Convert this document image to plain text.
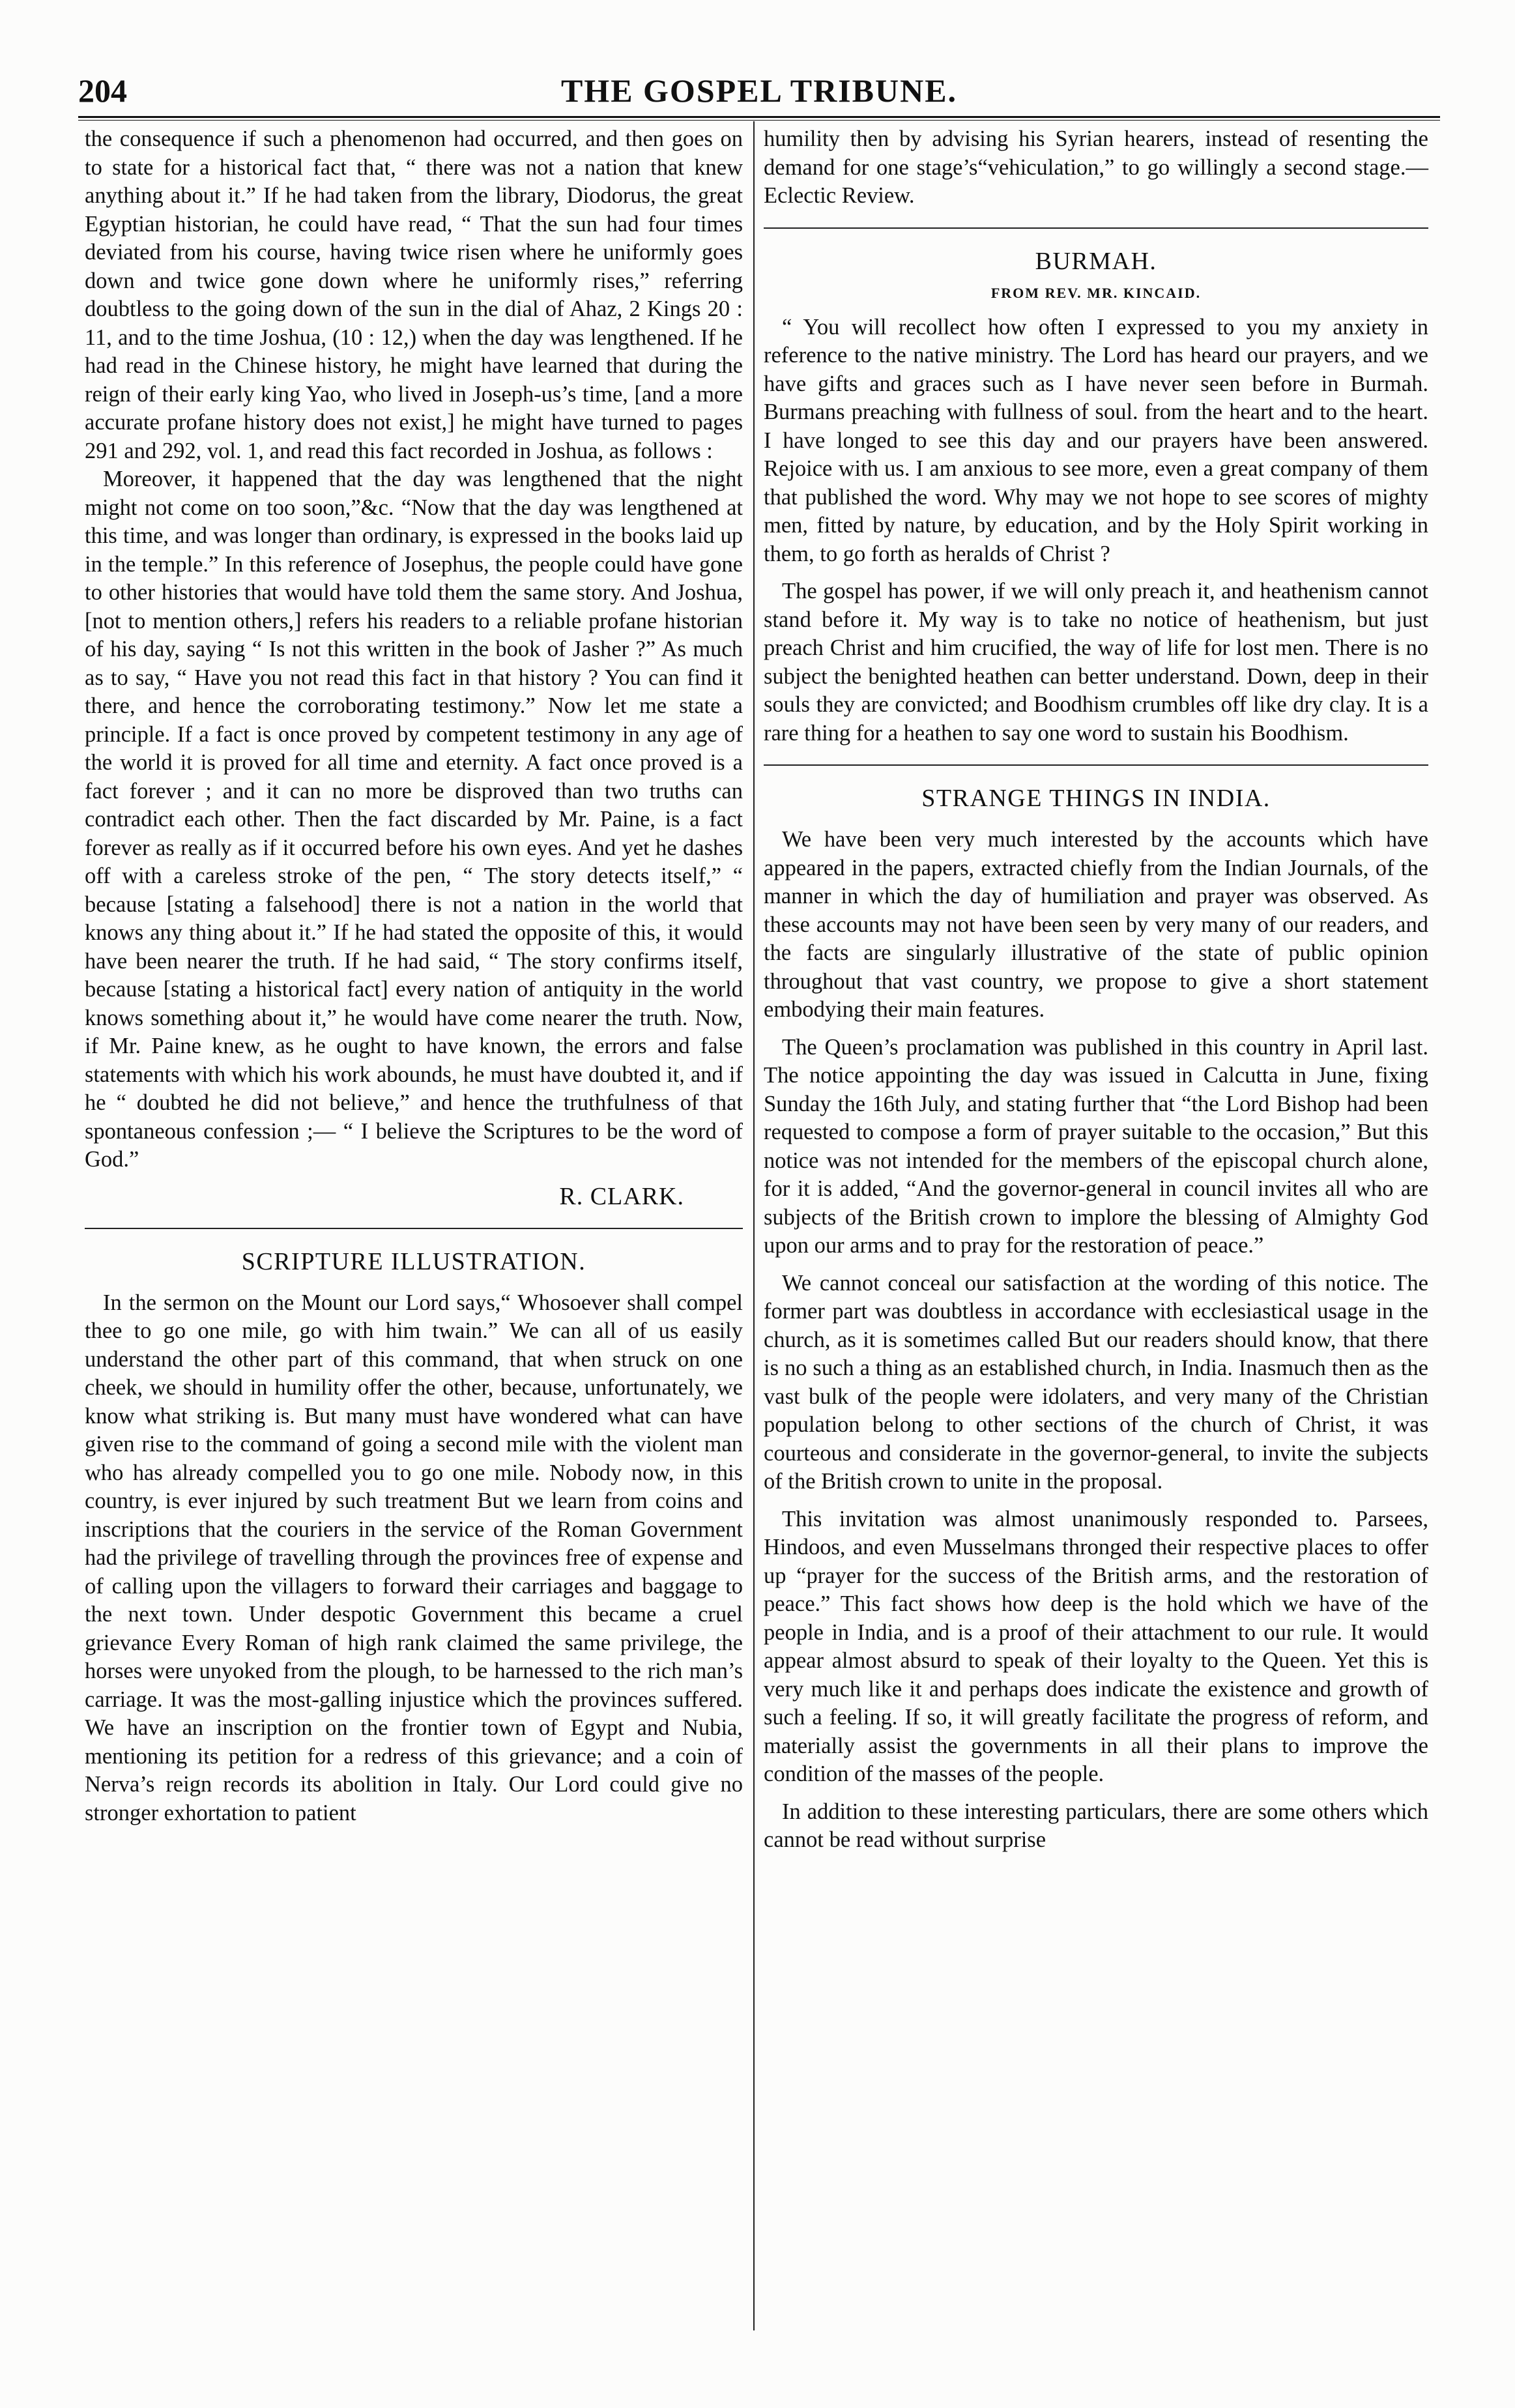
204	THE GOSPEL TRIBUNE.

the consequence if such a phenomenon had occurred, and then goes on to state for a historical fact that, “ there was not a nation that knew anything about it.” If he had taken from the library, Diodorus, the great Egyptian historian, he could have read, “ That the sun had four times deviated from his course, having twice risen where he uniformly goes down and twice gone down where he uniformly rises,” referring doubtless to the going down of the sun in the dial of Ahaz, 2 Kings 20 : 11, and to the time Joshua, (10 : 12,) when the day was lengthened. If he had read in the Chinese history, he might have learned that during the reign of their early king Yao, who lived in Joseph-us’s time, [and a more accurate profane history does not exist,] he might have turned to pages 291 and 292, vol. 1, and read this fact recorded in Joshua, as follows :

Moreover, it happened that the day was lengthened that the night might not come on too soon,”&c. “Now that the day was lengthened at this time, and was longer than ordinary, is expressed in the books laid up in the temple.” In this reference of Josephus, the people could have gone to other histories that would have told them the same story. And Joshua, [not to mention others,] refers his readers to a reliable profane historian of his day, saying “ Is not this written in the book of Jasher ?” As much as to say, “ Have you not read this fact in that history ? You can find it there, and hence the corroborating testimony.” Now let me state a principle. If a fact is once proved by competent testimony in any age of the world it is proved for all time and eternity. A fact once proved is a fact forever ; and it can no more be disproved than two truths can contradict each other. Then the fact discarded by Mr. Paine, is a fact forever as really as if it occurred before his own eyes. And yet he dashes off with a careless stroke of the pen, “ The story detects itself,” “ because [stating a falsehood] there is not a nation in the world that knows any thing about it.” If he had stated the opposite of this, it would have been nearer the truth. If he had said, “ The story confirms itself, because [stating a historical fact] every nation of antiquity in the world knows something about it,” he would have come nearer the truth. Now, if Mr. Paine knew, as he ought to have known, the errors and false statements with which his work abounds, he must have doubted it, and if he “ doubted he did not believe,” and hence the truthfulness of that spontaneous confession ;— “ I believe the Scriptures to be the word of God.”

R. CLARK.
SCRIPTURE ILLUSTRATION.

In the sermon on the Mount our Lord says,“ Whosoever shall compel thee to go one mile, go with him twain.” We can all of us easily understand the other part of this command, that when struck on one cheek, we should in humility offer the other, because, unfortunately, we know what striking is. But many must have wondered what can have given rise to the command of going a second mile with the violent man who has already compelled you to go one mile. Nobody now, in this country, is ever injured by such treatment But we learn from coins and inscriptions that the couriers in the service of the Roman Government had the privilege of travelling through the provinces free of expense and of calling upon the villagers to forward their carriages and baggage to the next town. Under despotic Government this became a cruel grievance Every Roman of high rank claimed the same privilege, the horses were unyoked from the plough, to be harnessed to the rich man’s carriage. It was the most-galling injustice which the provinces suffered. We have an inscription on the frontier town of Egypt and Nubia, mentioning its petition for a redress of this grievance; and a coin of Nerva’s reign records its abolition in Italy. Our Lord could give no stronger exhortation to patient

humility then by advising his Syrian hearers, instead of resenting the demand for one stage’s“vehiculation,” to go willingly a second stage.—Eclectic Review.

BURMAH.
FROM REV. MR. KINCAID.

“ You will recollect how often I expressed to you my anxiety in reference to the native ministry. The Lord has heard our prayers, and we have gifts and graces such as I have never seen before in Burmah. Burmans preaching with fullness of soul. from the heart and to the heart. I have longed to see this day and our prayers have been answered. Rejoice with us. I am anxious to see more, even a great company of them that published the word. Why may we not hope to see scores of mighty men, fitted by nature, by education, and by the Holy Spirit working in them, to go forth as heralds of Christ ?

The gospel has power, if we will only preach it, and heathenism cannot stand before it. My way is to take no notice of heathenism, but just preach Christ and him crucified, the way of life for lost men. There is no subject the benighted heathen can better understand. Down, deep in their souls they are convicted; and Boodhism crumbles off like dry clay. It is a rare thing for a heathen to say one word to sustain his Boodhism.

STRANGE THINGS IN INDIA.

We have been very much interested by the accounts which have appeared in the papers, extracted chiefly from the Indian Journals, of the manner in which the day of humiliation and prayer was observed. As these accounts may not have been seen by very many of our readers, and the facts are singularly illustrative of the state of public opinion throughout that vast country, we propose to give a short statement embodying their main features.

The Queen’s proclamation was published in this country in April last. The notice appointing the day was issued in Calcutta in June, fixing Sunday the 16th July, and stating further that “the Lord Bishop had been requested to compose a form of prayer suitable to the occasion,” But this notice was not intended for the members of the episcopal church alone, for it is added, “And the governor-general in council invites all who are subjects of the British crown to implore the blessing of Almighty God upon our arms and to pray for the restoration of peace.”

We cannot conceal our satisfaction at the wording of this notice. The former part was doubtless in accordance with ecclesiastical usage in the church, as it is sometimes called But our readers should know, that there is no such a thing as an established church, in India. Inasmuch then as the vast bulk of the people were idolaters, and very many of the Christian population belong to other sections of the church of Christ, it was courteous and considerate in the governor-general, to invite the subjects of the British crown to unite in the proposal.

This invitation was almost unanimously responded to. Parsees, Hindoos, and even Musselmans thronged their respective places to offer up “prayer for the success of the British arms, and the restoration of peace.” This fact shows how deep is the hold which we have of the people in India, and is a proof of their attachment to our rule. It would appear almost absurd to speak of their loyalty to the Queen. Yet this is very much like it and perhaps does indicate the existence and growth of such a feeling. If so, it will greatly facilitate the progress of reform, and materially assist the governments in all their plans to improve the condition of the masses of the people.

In addition to these interesting particulars, there are some others which cannot be read without surprise
